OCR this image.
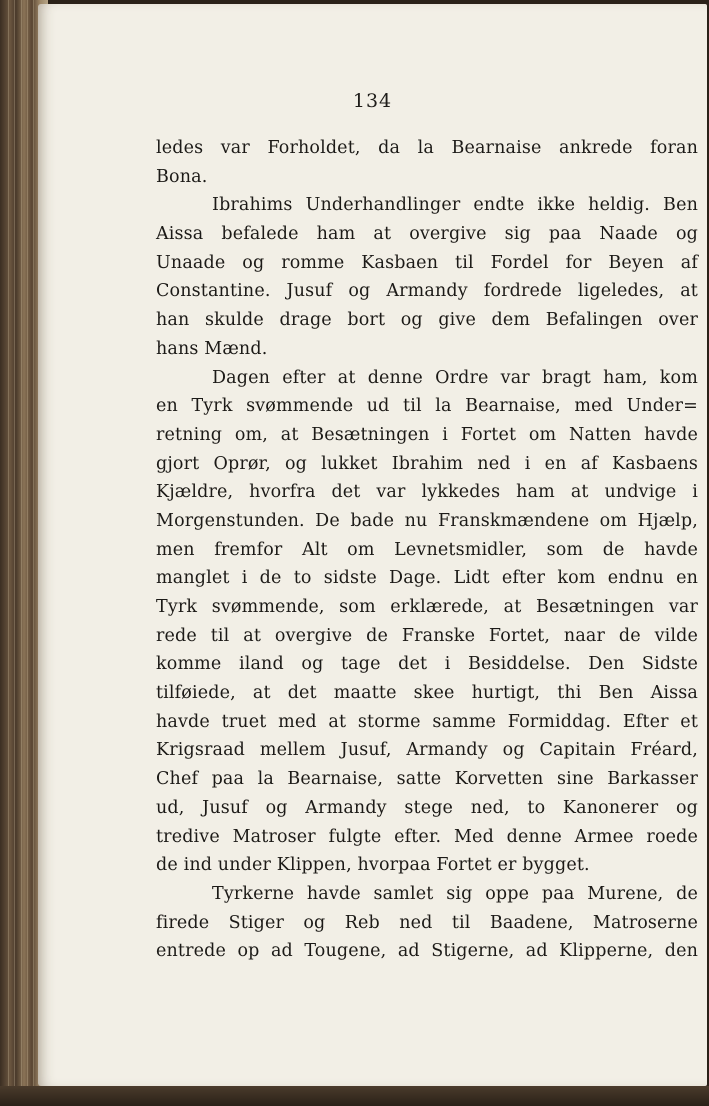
134
ledes var Forholdet, da la Bearnaise ankrede foran
Bona.
Ibrahims Underhandlinger endte ikke heldig. Ben
Aissa befalede ham at overgive sig paa Naade og
Unaade og romme Kasbaen til Fordel for Beyen af
Constantine. Jusuf og Armandy fordrede ligeledes, at
han skulde drage bort og give dem Befalingen over
hans Mænd.
Dagen efter at denne Ordre var bragt ham, kom
en Tyrk svømmende ud til la Bearnaise, med Under=
retning om, at Besætningen i Fortet om Natten havde
gjort Oprør, og lukket Ibrahim ned i en af Kasbaens
Kjældre, hvorfra det var lykkedes ham at undvige i
Morgenstunden. De bade nu Franskmændene om Hjælp,
men fremfor Alt om Levnetsmidler, som de havde
manglet i de to sidste Dage. Lidt efter kom endnu en
Tyrk svømmende, som erklærede, at Besætningen var
rede til at overgive de Franske Fortet, naar de vilde
komme iland og tage det i Besiddelse. Den Sidste
tilføiede, at det maatte skee hurtigt, thi Ben Aissa
havde truet med at storme samme Formiddag. Efter et
Krigsraad mellem Jusuf, Armandy og Capitain Fréard,
Chef paa la Bearnaise, satte Korvetten sine Barkasser
ud, Jusuf og Armandy stege ned, to Kanonerer og
tredive Matroser fulgte efter. Med denne Armee roede
de ind under Klippen, hvorpaa Fortet er bygget.
Tyrkerne havde samlet sig oppe paa Murene, de
firede Stiger og Reb ned til Baadene, Matroserne
entrede op ad Tougene, ad Stigerne, ad Klipperne, den
